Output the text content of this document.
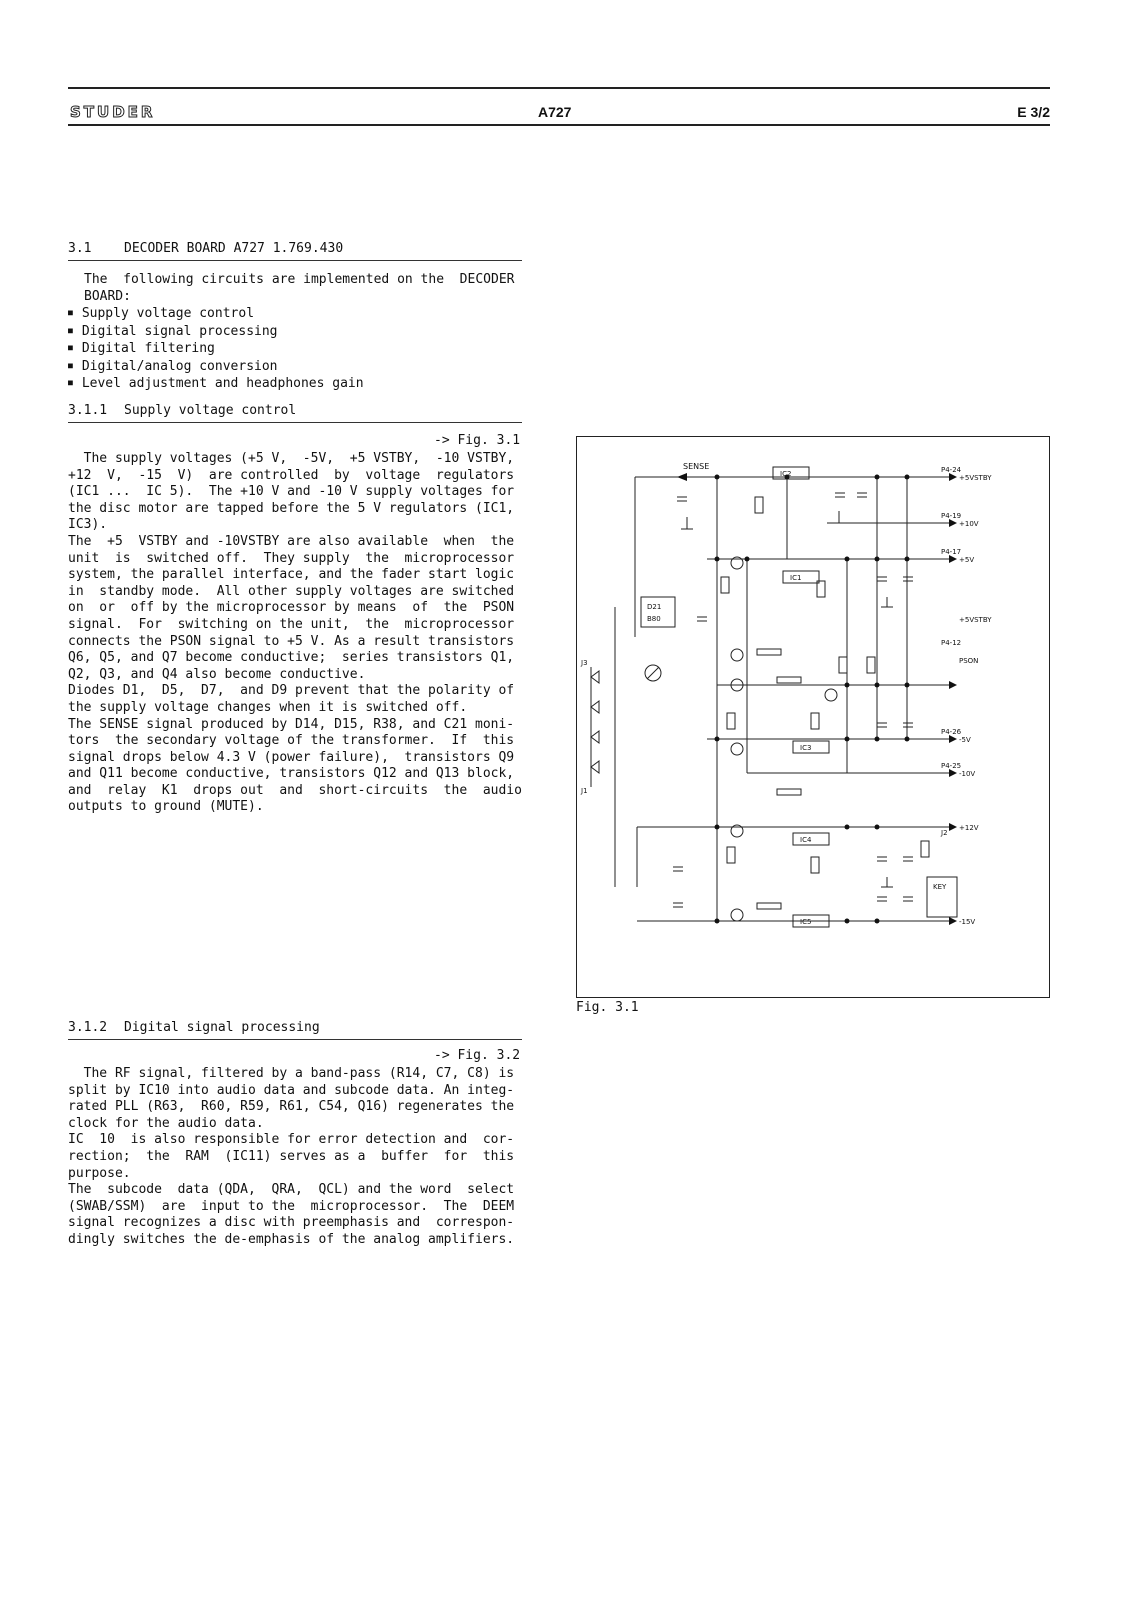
STUDER	A727	E 3/2
3.1	DECODER BOARD A727 1.769.430
The  following circuits are implemented on the  DECODER
BOARD:
■ Supply voltage control
■ Digital signal processing
■ Digital filtering
■ Digital/analog conversion
■ Level adjustment and headphones gain
3.1.1 Supply voltage control
-> Fig. 3.1
The supply voltages (+5 V,  -5V,  +5 VSTBY,  -10 VSTBY,
+12  V,  -15  V)  are controlled  by  voltage  regulators
(IC1 ...  IC 5).  The +10 V and -10 V supply voltages for
the disc motor are tapped before the 5 V regulators (IC1,
IC3).
The  +5  VSTBY and -10VSTBY are also available  when  the
unit  is  switched off.  They supply  the  microprocessor
system, the parallel interface, and the fader start logic
in  standby mode.  All other supply voltages are switched
on  or  off by the microprocessor by means  of  the  PSON
signal.  For  switching on the unit,  the  microprocessor
connects the PSON signal to +5 V. As a result transistors
Q6, Q5, and Q7 become conductive;  series transistors Q1,
Q2, Q3, and Q4 also become conductive.
Diodes D1,  D5,  D7,  and D9 prevent that the polarity of
the supply voltage changes when it is switched off.
The SENSE signal produced by D14, D15, R38, and C21 moni-
tors  the secondary voltage of the transformer.  If  this
signal drops below 4.3 V (power failure),  transistors Q9
and Q11 become conductive, transistors Q12 and Q13 block,
and  relay  K1  drops out  and  short-circuits  the  audio
outputs to ground (MUTE).
SENSE
+5VSTBY
+10V
+5V
+5VSTBY
PSON
-5V
-10V
+12V
-15V
KEY
IC2
IC1
IC3
IC4
IC5
D21
B80
J3
J1
J2
P4-24
P4-19
P4-17
P4-12
P4-26
P4-25
Fig. 3.1
3.1.2 Digital signal processing
-> Fig. 3.2
The RF signal, filtered by a band-pass (R14, C7, C8) is
split by IC10 into audio data and subcode data. An integ-
rated PLL (R63,  R60, R59, R61, C54, Q16) regenerates the
clock for the audio data.
IC  10  is also responsible for error detection and  cor-
rection;  the  RAM  (IC11) serves as a  buffer  for  this
purpose.
The  subcode  data (QDA,  QRA,  QCL) and the word  select
(SWAB/SSM)  are  input to the  microprocessor.  The  DEEM
signal recognizes a disc with preemphasis and  correspon-
dingly switches the de-emphasis of the analog amplifiers.
